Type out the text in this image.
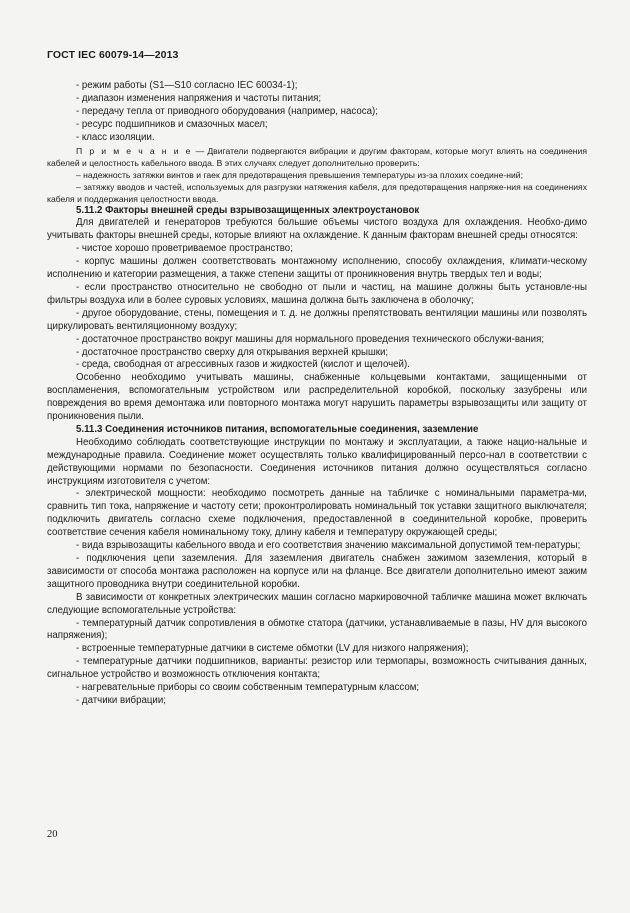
ГОСТ IEC 60079-14—2013

- режим работы (S1—S10 согласно IEC 60034-1);

- диапазон изменения напряжения и частоты питания;

- передачу тепла от приводного оборудования (например, насоса);

- ресурс подшипников и смазочных масел;

- класс изоляции.

П р и м е ч а н и е — Двигатели подвергаются вибрации и другим факторам, которые могут влиять на соединения кабелей и целостность кабельного ввода. В этих случаях следует дополнительно проверить:

– надежность затяжки винтов и гаек для предотвращения превышения температуры из-за плохих соедине-ний;

– затяжку вводов и частей, используемых для разгрузки натяжения кабеля, для предотвращения напряже-ния на соединениях кабеля и поддержания целостности ввода.

5.11.2 Факторы внешней среды взрывозащищенных электроустановок

Для двигателей и генераторов требуются большие объемы чистого воздуха для охлаждения. Необхо-димо учитывать факторы внешней среды, которые влияют на охлаждение. К данным факторам внешней среды относятся:

- чистое хорошо проветриваемое пространство;

- корпус машины должен соответствовать монтажному исполнению, способу охлаждения, климати-ческому исполнению и категории размещения, а также степени защиты от проникновения внутрь твердых тел и воды;

- если пространство относительно не свободно от пыли и частиц, на машине должны быть установле-ны фильтры воздуха или в более суровых условиях, машина должна быть заключена в оболочку;

- другое оборудование, стены, помещения и т. д. не должны препятствовать вентиляции машины или позволять циркулировать вентиляционному воздуху;

- достаточное пространство вокруг машины для нормального проведения технического обслужи-вания;

- достаточное пространство сверху для открывания верхней крышки;

- среда, свободная от агрессивных газов и жидкостей (кислот и щелочей).

Особенно необходимо учитывать машины, снабженные кольцевыми контактами, защищенными от воспламенения, вспомогательным устройством или распределительной коробкой, поскольку зазубрены или повреждения во время демонтажа или повторного монтажа могут нарушить параметры взрывозащиты или защиту от проникновения пыли.

5.11.3 Соединения источников питания, вспомогательные соединения, заземление

Необходимо соблюдать соответствующие инструкции по монтажу и эксплуатации, а также нацио-нальные и международные правила. Соединение может осуществлять только квалифицированный персо-нал в соответствии с действующими нормами по безопасности. Соединения источников питания должно осуществляться согласно инструкциям изготовителя с учетом:

- электрической мощности: необходимо посмотреть данные на табличке с номинальными параметра-ми, сравнить тип тока, напряжение и частоту сети; проконтролировать номинальный ток уставки защитного выключателя; подключить двигатель согласно схеме подключения, предоставленной в соединительной коробке, проверить соответствие сечения кабеля номинальному току, длину кабеля и температуру окружающей среды;

- вида взрывозащиты кабельного ввода и его соответствия значению максимальной допустимой тем-пературы;

- подключения цепи заземления. Для заземления двигатель снабжен зажимом заземления, который в зависимости от способа монтажа расположен на корпусе или на фланце. Все двигатели дополнительно имеют зажим защитного проводника внутри соединительной коробки.

В зависимости от конкретных электрических машин согласно маркировочной табличке машина может включать следующие вспомогательные устройства:

- температурный датчик сопротивления в обмотке статора (датчики, устанавливаемые в пазы, HV для высокого напряжения);

- встроенные температурные датчики в системе обмотки (LV для низкого напряжения);

- температурные датчики подшипников, варианты: резистор или термопары, возможность считывания данных, сигнальное устройство и возможность отключения контакта;

- нагревательные приборы со своим собственным температурным классом;

- датчики вибрации;

20
